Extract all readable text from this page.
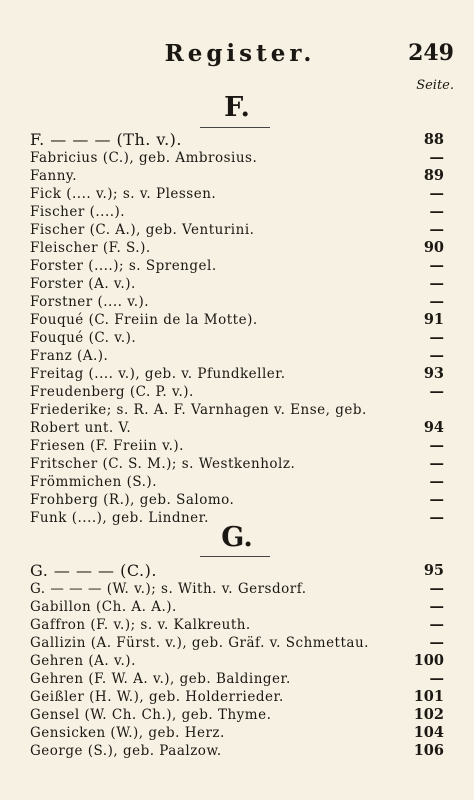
Register.	249
Seite.
F.
F. — — — (Th. v.).	88
Fabricius (C.), geb. Ambrosius.	—
Fanny.	89
Fick (.... v.); s. v. Plessen.	—
Fischer (....).	—
Fischer (C. A.), geb. Venturini.	—
Fleischer (F. S.).	90
Forster (....); s. Sprengel.	—
Forster (A. v.).	—
Forstner (.... v.).	—
Fouqué (C. Freiin de la Motte).	91
Fouqué (C. v.).	—
Franz (A.).	—
Freitag (.... v.), geb. v. Pfundkeller.	93
Freudenberg (C. P. v.).	—
Friederike; s. R. A. F. Varnhagen v. Ense, geb. Robert unt. V.	94
Friesen (F. Freiin v.).	—
Fritscher (C. S. M.); s. Westkenholz.	—
Frömmichen (S.).	—
Frohberg (R.), geb. Salomo.	—
Funk (....), geb. Lindner.	—
G.
G. — — — (C.).	95
G. — — — (W. v.); s. With. v. Gersdorf.	—
Gabillon (Ch. A. A.).	—
Gaffron (F. v.); s. v. Kalkreuth.	—
Gallizin (A. Fürst. v.), geb. Gräf. v. Schmettau.	—
Gehren (A. v.).	100
Gehren (F. W. A. v.), geb. Baldinger.	—
Geißler (H. W.), geb. Holderrieder.	101
Gensel (W. Ch. Ch.), geb. Thyme.	102
Gensicken (W.), geb. Herz.	104
George (S.), geb. Paalzow.	106
